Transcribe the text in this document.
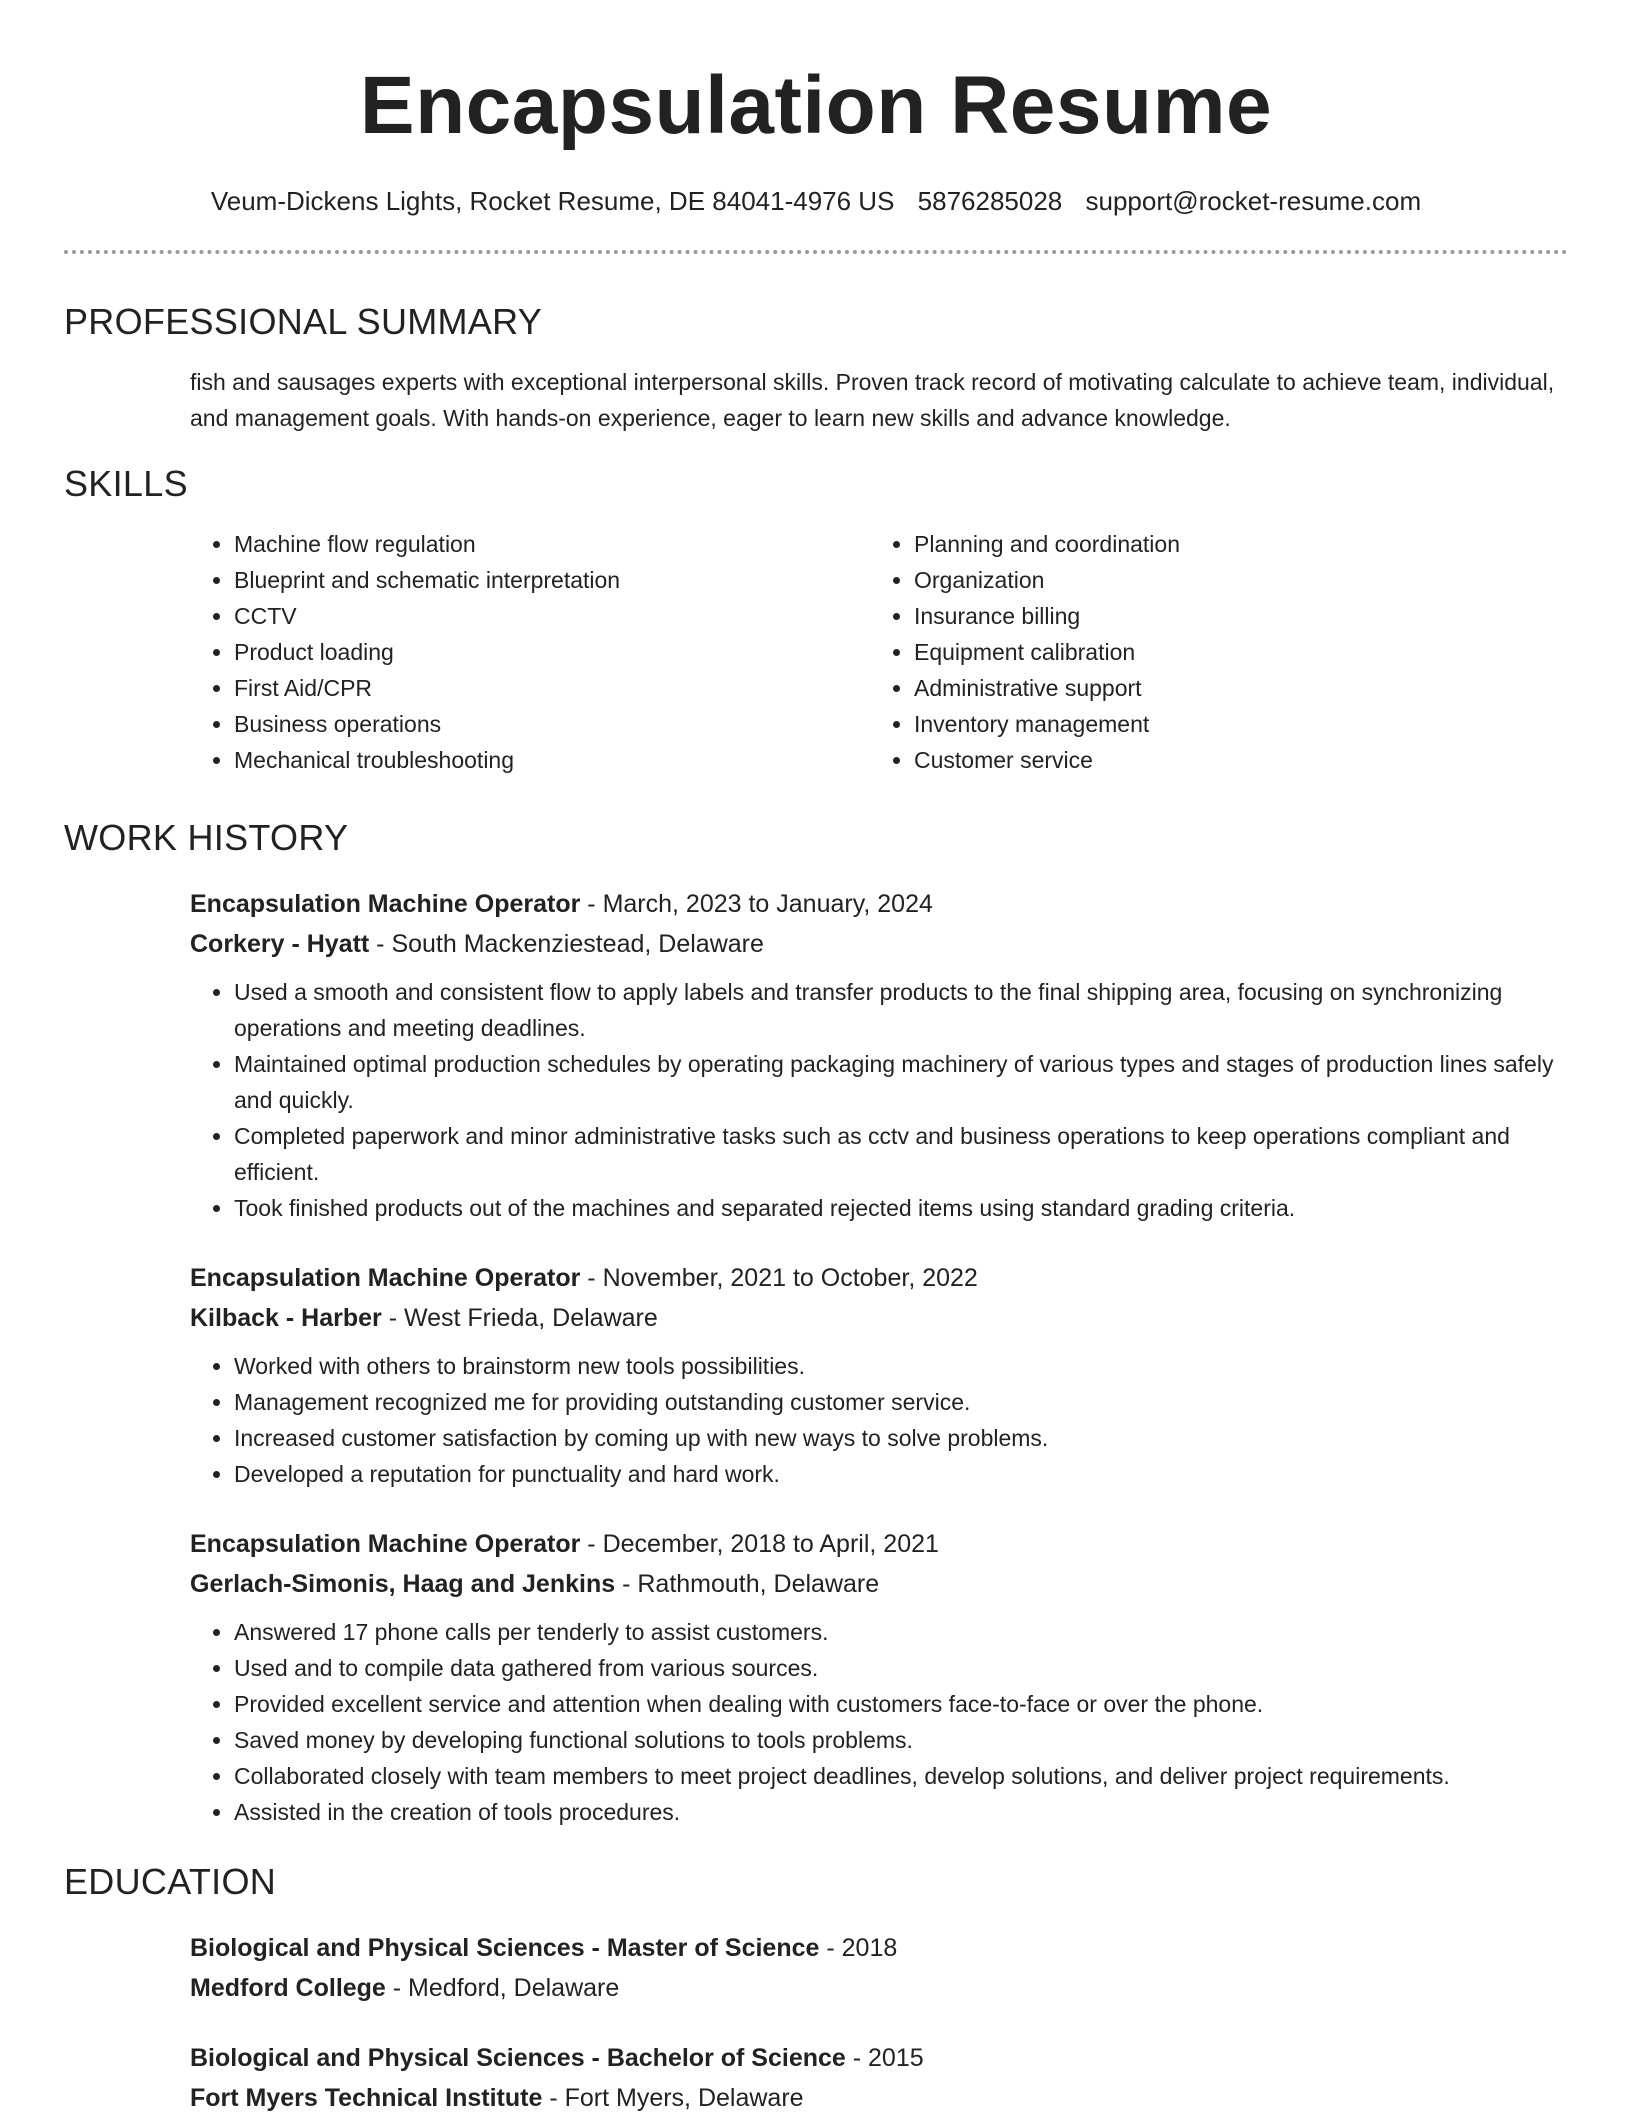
Encapsulation Resume
Veum-Dickens Lights, Rocket Resume, DE 84041-4976 US 5876285028 support@rocket-resume.com
PROFESSIONAL SUMMARY
fish and sausages experts with exceptional interpersonal skills. Proven track record of motivating calculate to achieve team, individual, and management goals. With hands-on experience, eager to learn new skills and advance knowledge.
SKILLS
• Machine flow regulation
• Blueprint and schematic interpretation
• CCTV
• Product loading
• First Aid/CPR
• Business operations
• Mechanical troubleshooting
• Planning and coordination
• Organization
• Insurance billing
• Equipment calibration
• Administrative support
• Inventory management
• Customer service
WORK HISTORY
Encapsulation Machine Operator - March, 2023 to January, 2024
Corkery - Hyatt - South Mackenziestead, Delaware
• Used a smooth and consistent flow to apply labels and transfer products to the final shipping area, focusing on synchronizing operations and meeting deadlines.
• Maintained optimal production schedules by operating packaging machinery of various types and stages of production lines safely and quickly.
• Completed paperwork and minor administrative tasks such as cctv and business operations to keep operations compliant and efficient.
• Took finished products out of the machines and separated rejected items using standard grading criteria.
Encapsulation Machine Operator - November, 2021 to October, 2022
Kilback - Harber - West Frieda, Delaware
• Worked with others to brainstorm new tools possibilities.
• Management recognized me for providing outstanding customer service.
• Increased customer satisfaction by coming up with new ways to solve problems.
• Developed a reputation for punctuality and hard work.
Encapsulation Machine Operator - December, 2018 to April, 2021
Gerlach-Simonis, Haag and Jenkins - Rathmouth, Delaware
• Answered 17 phone calls per tenderly to assist customers.
• Used and to compile data gathered from various sources.
• Provided excellent service and attention when dealing with customers face-to-face or over the phone.
• Saved money by developing functional solutions to tools problems.
• Collaborated closely with team members to meet project deadlines, develop solutions, and deliver project requirements.
• Assisted in the creation of tools procedures.
EDUCATION
Biological and Physical Sciences - Master of Science - 2018
Medford College - Medford, Delaware
Biological and Physical Sciences - Bachelor of Science - 2015
Fort Myers Technical Institute - Fort Myers, Delaware
